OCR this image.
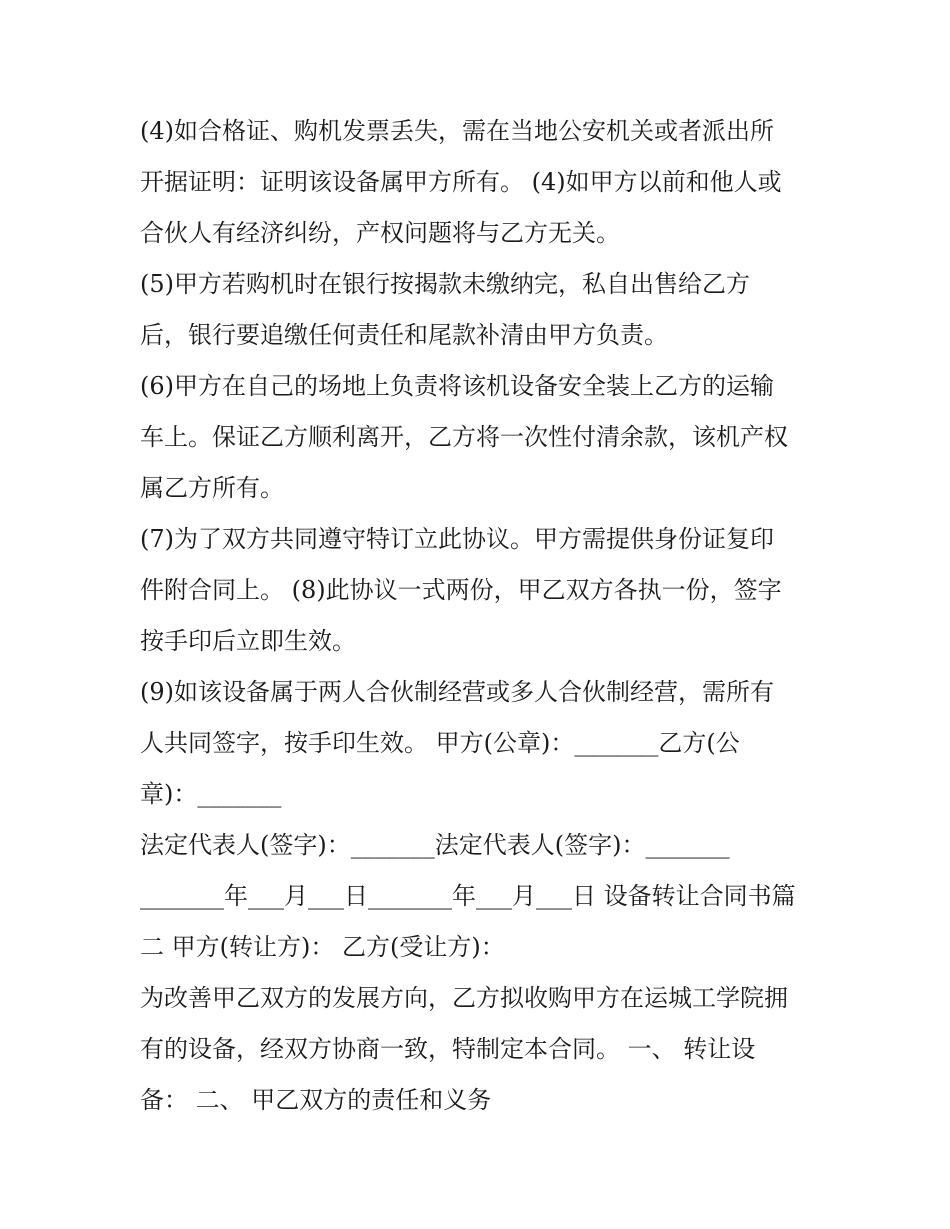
(4)如合格证、购机发票丢失，需在当地公安机关或者派出所
开据证明：证明该设备属甲方所有。 (4)如甲方以前和他人或
合伙人有经济纠纷，产权问题将与乙方无关。
(5)甲方若购机时在银行按揭款未缴纳完，私自出售给乙方
后，银行要追缴任何责任和尾款补清由甲方负责。
(6)甲方在自己的场地上负责将该机设备安全装上乙方的运输
车上。保证乙方顺利离开，乙方将一次性付清余款，该机产权
属乙方所有。
(7)为了双方共同遵守特订立此协议。甲方需提供身份证复印
件附合同上。 (8)此协议一式两份，甲乙双方各执一份，签字
按手印后立即生效。
(9)如该设备属于两人合伙制经营或多人合伙制经营，需所有
人共同签字，按手印生效。 甲方(公章)：_______乙方(公
章)：_______
法定代表人(签字)：_______法定代表人(签字)：_______
_______年___月___日_______年___月___日 设备转让合同书篇
二 甲方(转让方)： 乙方(受让方)：
为改善甲乙双方的发展方向，乙方拟收购甲方在运城工学院拥
有的设备，经双方协商一致，特制定本合同。 一、 转让设
备： 二、 甲乙双方的责任和义务
